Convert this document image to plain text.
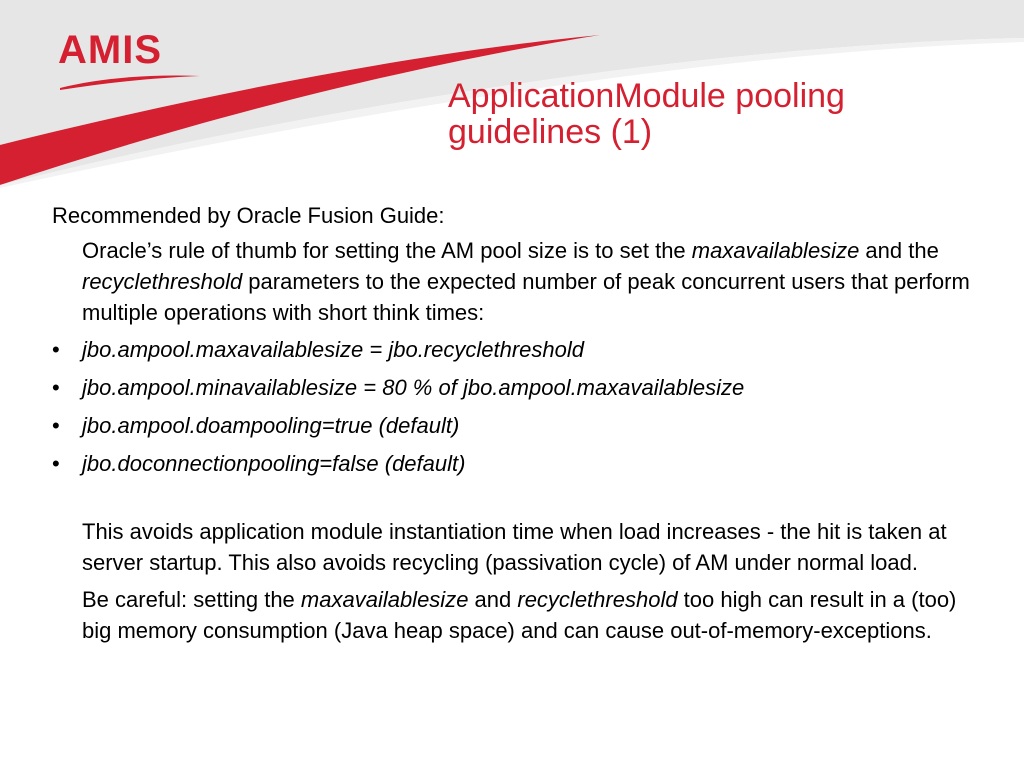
AMIS
ApplicationModule pooling
guidelines (1)

Recommended by Oracle Fusion Guide:

Oracle’s rule of thumb for setting the AM pool size is to set the maxavailablesize and the recyclethreshold parameters to the expected number of peak concurrent users that perform multiple operations with short think times:

• jbo.ampool.maxavailablesize = jbo.recyclethreshold
• jbo.ampool.minavailablesize = 80 % of jbo.ampool.maxavailablesize
• jbo.ampool.doampooling=true (default)
• jbo.doconnectionpooling=false (default)

This avoids application module instantiation time when load increases - the hit is taken at server startup. This also avoids recycling (passivation cycle) of AM under normal load.

Be careful: setting the maxavailablesize and recyclethreshold too high can result in a (too) big memory consumption (Java heap space) and can cause out-of-memory-exceptions.
